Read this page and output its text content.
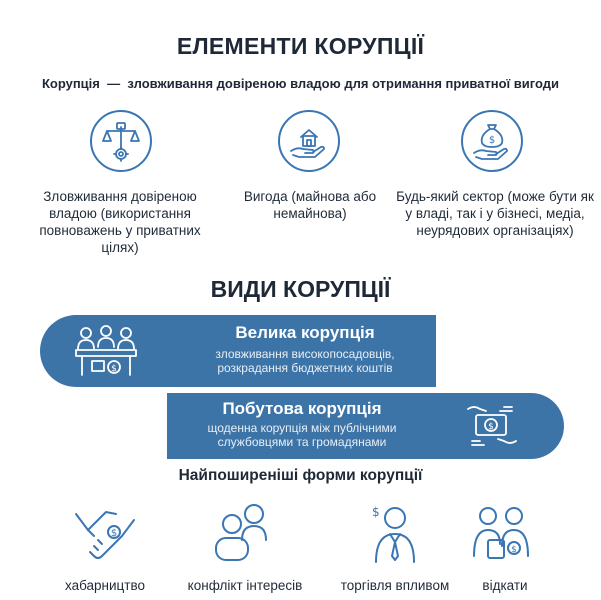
ЕЛЕМЕНТИ КОРУПЦІЇ
Корупція — зловживання довіреною владою для отримання приватної вигоди
Зловживання довіреною владою (використання повноважень у приватних цілях)
Вигода (майнова або немайнова)
$
Будь-який сектор (може бути як у владі, так і у бізнесі, медіа, неурядових організаціях)
ВИДИ КОРУПЦІЇ
$
Велика корупція
зловживання високопосадовців, розкрадання бюджетних коштів
Побутова корупція
щоденна корупція між публічними службовцями та громадянами
$
Найпоширеніші форми корупції
$
хабарництво	конфлікт інтересів
$
торгівля впливом
$
відкати
